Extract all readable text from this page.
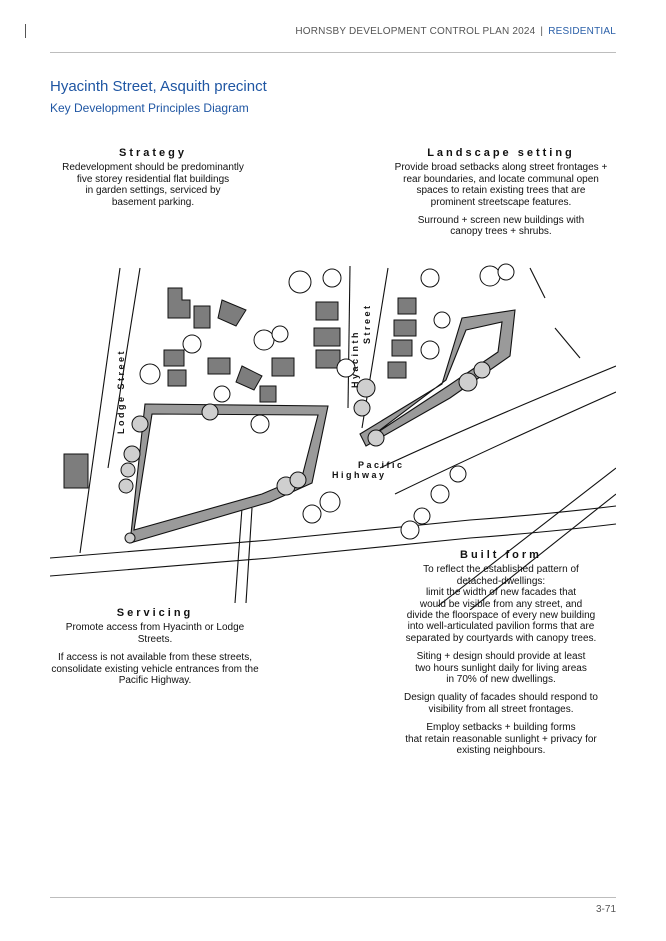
HORNSBY DEVELOPMENT CONTROL PLAN 2024 | RESIDENTIAL
Hyacinth Street, Asquith precinct
Key Development Principles Diagram
Strategy

Redevelopment should be predominantly
five storey residential flat buildings
in garden settings, serviced by
basement parking.

Landscape setting

Provide broad setbacks along street frontages +
rear boundaries, and locate communal open
spaces to retain existing trees that are
prominent streetscape features.

Surround + screen new buildings with
canopy trees + shrubs.

Lodge Street	Hyacinth
Street
Pacific
Highway
Servicing

Promote access from Hyacinth or Lodge Streets.

If access is not available from these streets,
consolidate existing vehicle entrances from the
Pacific Highway.

Built form

To reflect the established pattern of
detached-dwellings:
limit the width of new facades that
would be visible from any street, and
divide the floorspace of every new building
into well-articulated pavilion forms that are
separated by courtyards with canopy trees.

Siting + design should provide at least
two hours sunlight daily for living areas
in 70% of new dwellings.

Design quality of facades should respond to
visibility from all street frontages.

Employ setbacks + building forms
that retain reasonable sunlight + privacy for
existing neighbours.

3-71
